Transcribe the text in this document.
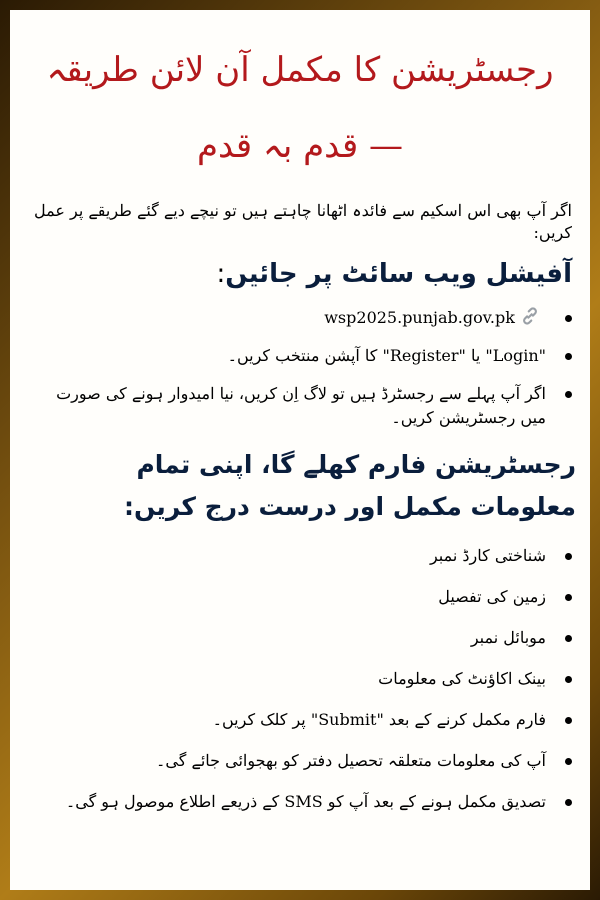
رجسٹریشن کا مکمل آن لائن طریقہ — قدم بہ قدم

اگر آپ بھی اس اسکیم سے فائدہ اٹھانا چاہتے ہیں تو نیچے دیے گئے طریقے پر عمل کریں:

آفیشل ویب سائٹ پر جائیں:
wsp2025.punjab.gov.pk
"Login" یا "Register" کا آپشن منتخب کریں۔
اگر آپ پہلے سے رجسٹرڈ ہیں تو لاگ اِن کریں، نیا امیدوار ہونے کی صورت میں رجسٹریشن کریں۔
رجسٹریشن فارم کھلے گا، اپنی تمام معلومات مکمل اور درست درج کریں:
شناختی کارڈ نمبر
زمین کی تفصیل
موبائل نمبر
بینک اکاؤنٹ کی معلومات
فارم مکمل کرنے کے بعد "Submit" پر کلک کریں۔
آپ کی معلومات متعلقہ تحصیل دفتر کو بھجوائی جائے گی۔
تصدیق مکمل ہونے کے بعد آپ کو SMS کے ذریعے اطلاع موصول ہو گی۔
